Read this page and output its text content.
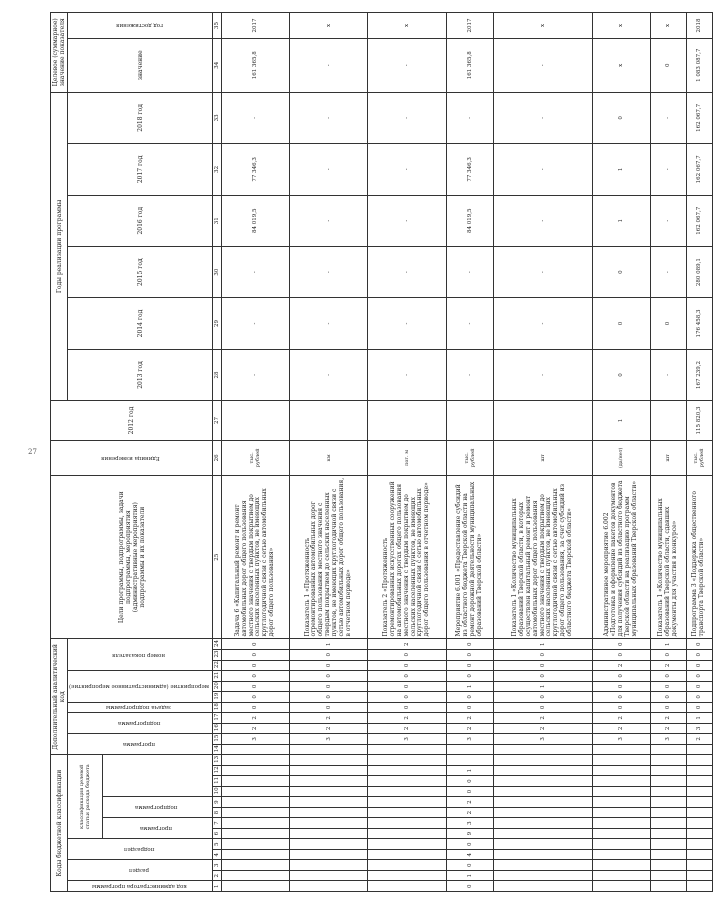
27
Коды бюджетной классификации													Дополнительный аналитический код											Цели программы, подпрограммы, задачи подпрограммы, мероприятия (административные мероприятия) подпрограммы и их показатели	Единица измерения	2012 год	Годы реализации программы						Целевое (суммарное) значение показателя	
код администратора программы	раздел		подраздел		классификация целевой статьи расхода бюджета								программа		подпрограмма		задача подпрограммы	мероприятие (административное мероприятие)			номер показателя						2013 год	2014 год	2015 год	2016 год	2017 год	2018 год	значение	год достижения
					программа		подпрограмма																											
1	2	3	4	5	6	7	8	9	10	11	12	13	14	15	16	17	18	19	20	21	22	23	24	25	26	27	28	29	30	31	32	33	34	35
														3	2	2	0	0	0	0	0	0	0	Задача 6 «Капитальный ремонт и ремонт автомобильных дорог общего пользования местного значения с твердым покрытием до сельских населенных пунктов, не имеющих круглогодичной связи с сетью автомобильных дорог общего пользования»	тыс. рублей		-	-	-	84 019,5	77 346,3	-	161 365,8	2017
														3	2	2	0	0	0	0	0	0	1	Показатель 1 «Протяженность отремонтированных автомобильных дорог общего пользования местного значения с твердым покрытием до сельских населенных пунктов, не имеющих круглогодичной связи с сетью автомобильных дорог общего пользования, в отчетном периоде»	км		-	-	-	-	-	-	-	x
														3	2	2	0	0	0	0	0	0	2	Показатель 2 «Протяженность отремонтированных искусственных сооружений на автомобильных дорогах общего пользования местного значения с твердым покрытием до сельских населенных пунктов, не имеющих круглогодичной связи с сетью автомобильных дорог общего пользования в отчетном периоде»	пог. м		-	-	-	-	-	-	-	x
0	1	0	4	0	9	3	2	2	0	0	1			3	2	2	0	0	1	0	0	0	0	Мероприятие 6.001 «Предоставление субсидий из областного бюджета Тверской области на ремонт дорожной деятельности муниципальных образований Тверской области»	тыс. рублей		-	-	-	84 019,5	77 346,3	-	161 365,8	2017
														3	2	2	0	0	1	0	0	0	1	Показатель 1 «Количество муниципальных образований Тверской области, в которых осуществлен капитальный ремонт и ремонт автомобильных дорог общего пользования местного значения с твердым покрытием до сельских населенных пунктов, не имеющих круглогодичной связи с сетью автомобильных дорог общего пользования, за счет субсидий из областного бюджета Тверской области»	шт		-	-	-	-	-	-	-	x
														3	2	2	0	0	0	0	2	0	0	Административное мероприятие 6.002 «Подготовка и оформление пакетов документов для получения субсидий из областного бюджета Тверской области на реализацию программ муниципальных образований Тверской области»	(да/нет)	1	0	0	0	1	1	0	x	x
														3	2	2	0	0	0	0	2	0	1	Показатель 1 «Количество муниципальных образований Тверской области, сдавших документы для участия в конкурсе»	шт		-	0	-	-	-	-	0	x
														2	3	1	0	0	0	0	0	0	0	Подпрограмма 3 «Поддержка общественного транспорта Тверской области»	тыс. рублей	115 820,3	167 239,2	176 458,3	280 089,1	162 067,7	162 067,7	162 067,7	1 083 087,7	2018
